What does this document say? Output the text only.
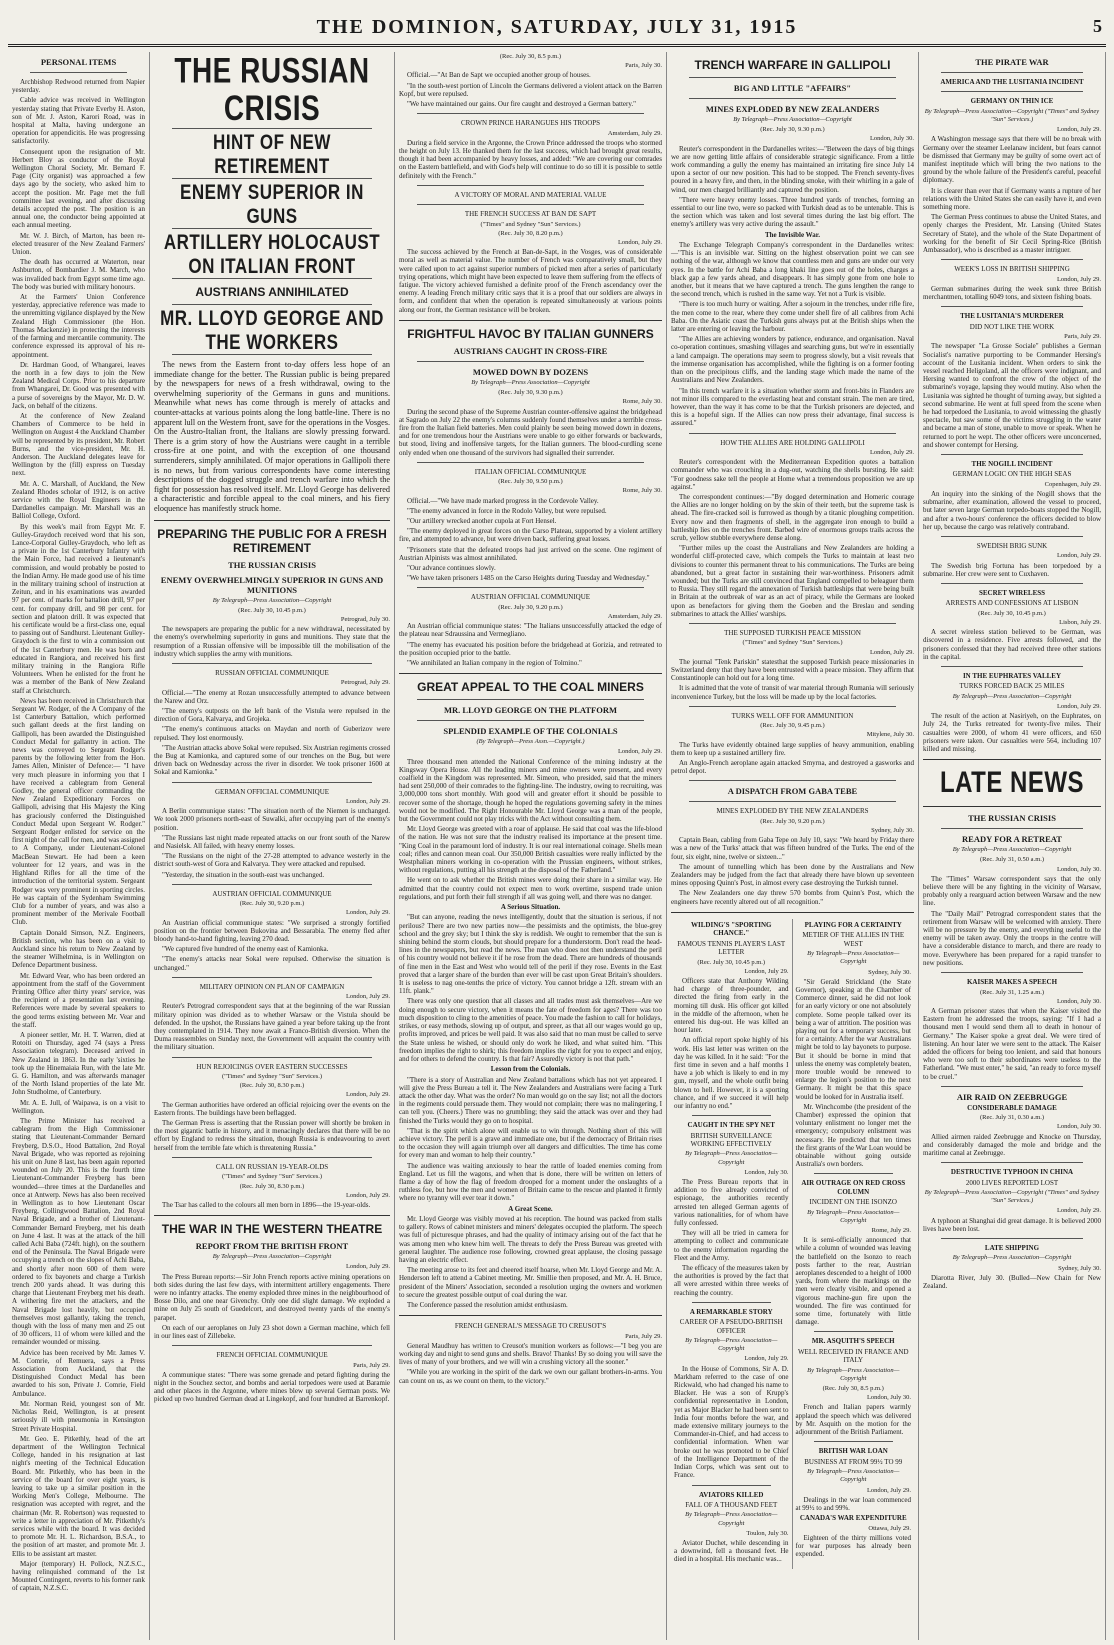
THE DOMINION, SATURDAY, JULY 31, 1915	5
PERSONAL ITEMS

Archbishop Redwood returned from Napier yesterday.

Cable advice was received in Wellington yesterday stating that Private Everby H. Aston, son of Mr. J. Aston, Karori Road, was in hospital at Malta, having undergone an operation for appendicitis. He was progressing satisfactorily.

Consequent upon the resignation of Mr. Herbert Bloy as conductor of the Royal Wellington Choral Society, Mr. Bernard F. Page (City organist) was approached a few days ago by the society, who asked him to accept the position. Mr. Page met the full committee last evening, and after discussing details accepted the post. The position is an annual one, the conductor being appointed at each annual meeting.

Mr. W. J. Birch, of Marton, has been re-elected treasurer of the New Zealand Farmers' Union.

The death has occurred at Waterton, near Ashburton, of Bombardier J. M. March, who was invalided back from Egypt some time ago. The body was buried with military honours.

At the Farmers' Union Conference yesterday, appreciative reference was made to the unremitting vigilance displayed by the New Zealand High Commissioner (the Hon. Thomas Mackenzie) in protecting the interests of the farming and mercantile community. The conference expressed its approval of his re-appointment.

Dr. Hardman Good, of Whangarei, leaves the north in a few days to join the New Zealand Medical Corps. Prior to his departure from Whangarei, Dr. Good was presented with a purse of sovereigns by the Mayor, Mr. D. W. Jack, on behalf of the citizens.

At the conference of New Zealand Chambers of Commerce to be held in Wellington on August 4 the Auckland Chamber will be represented by its president, Mr. Robert Burns, and the vice-president, Mr. H. Anderson. The Auckland delegates leave for Wellington by the (fill) express on Tuesday next.

Mr. A. C. Marshall, of Auckland, the New Zealand Rhodes scholar of 1912, is on active service with the Royal Engineers in the Dardanelles campaign. Mr. Marshall was an Balliol College, Oxford.

By this week's mail from Egypt Mr. F. Gulley-Graydoch received word that his son, Lance-Corporal Gulley-Graydoch, who left as a private in the 1st Canterbury Infantry with the Main Force, had received a lieutenant's commission, and would probably be posted to the Indian Army. He made good use of his time in the military training school of instruction at Zeitun, and in his examinations was awarded 97 per cent. of marks for battalion drill, 97 per cent. for company drill, and 98 per cent. for section and platoon drill. It was expected that his certificate would be a first-class one, equal to passing out of Sandhurst. Lieutenant Gulley-Graydoch is the first to win a commission out of the 1st Canterbury men. He was born and educated in Rangiora, and received his first military training in the Rangiora Rifle Volunteers. When he enlisted for the front he was a member of the Bank of New Zealand staff at Christchurch.

News has been received in Christchurch that Sergeant W. Rodger, of the A Company of the 1st Canterbury Battalion, which performed such gallant deeds at the first landing on Gallipoli, has been awarded the Distinguished Conduct Medal for gallantry in action. The news was conveyed to Sergeant Rodger's parents by the following letter from the Hon. James Allen, Minister of Defence:— "I have very much pleasure in informing you that I have received a cablegram from General Godley, the general officer commanding the New Zealand Expeditionary Forces on Gallipoli, advising that His Majesty the King has graciously conferred the Distinguished Conduct Medal upon Sergeant W. Rodger." Sergeant Rodger enlisted for service on the first night of the call for men, and was assigned to A Company, under Lieutenant-Colonel MacBean Stewart. He had been a keen volunteer for 12 years, and was in the Highland Rifles for all the time of the introduction of the territorial system. Sergeant Rodger was very prominent in sporting circles. He was captain of the Sydenham Swimming Club for a number of years, and was also a prominent member of the Merivale Football Club.

Captain Donald Simson, N.Z. Engineers, British section, who has been on a visit to Auckland since his return to New Zealand by the steamer Wilhelmina, is in Wellington on Defence Department business.

Mr. Edward Vear, who has been ordered an appointment from the staff of the Government Printing Office after thirty years' service, was the recipient of a presentation last evening. References were made by several speakers to the good terms existing between Mr. Vear and the staff.

A pioneer settler, Mr. H. T. Warren, died at Rotoiti on Thursday, aged 74 (says a Press Association telegram). Deceased arrived in New Zealand in 1863. In the early 'sixties he took up the Hinemaiaia Run, with the late Mr. G. G. Hamilton, and was afterwards manager of the North Island properties of the late Mr. John Studholme, of Canterbury.

Mr. A. E. Jull, of Waipawa, is on a visit to Wellington.

The Prime Minister has received a cablegram from the High Commissioner stating that Lieutenant-Commander Bernard Freyberg, D.S.O., Hood Battalion, 2nd Royal Naval Brigade, who was reported as rejoining his unit on June 8 last, has been again reported wounded on July 20. This is the fourth time Lieutenant-Commander Freyberg has been wounded—three times at the Dardanelles and once at Antwerp. News has also been received in Wellington as to how Lieutenant Oscar Freyberg, Collingwood Battalion, 2nd Royal Naval Brigade, and a brother of Lieutenant-Commander Bernard Freyberg, met his death on June 4 last. It was at the attack of the hill called Achi Baba (724ft. high), on the southern end of the Peninsula. The Naval Brigade were occupying a trench on the slopes of Achi Baba, and shortly after noon 600 of them were ordered to fix bayonets and charge a Turkish trench 200 yards ahead. It was during this charge that Lieutenant Freyberg met his death. A withering fire met the attackers, and the Naval Brigade lost heavily, but occupied themselves most gallantly, taking the trench, though with the loss of many men and 25 out of 30 officers, 11 of whom were killed and the remainder wounded or missing.

Advice has been received by Mr. James V. M. Comrie, of Remuera, says a Press Association from Auckland, that the Distinguished Conduct Medal has been awarded to his son, Private J. Comrie, Field Ambulance.

Mr. Norman Reid, youngest son of Mr. Nicholas Reid, Wellington, is at present seriously ill with pneumonia in Kensington Street Private Hospital.

Mr. Geo. E. Pitkethly, head of the art department of the Wellington Technical College, handed in his resignation at last night's meeting of the Technical Education Board. Mr. Pitkethly, who has been in the service of the board for over eight years, is leaving to take up a similar position in the Working Men's College, Melbourne. The resignation was accepted with regret, and the chairman (Mr. R. Robertson) was requested to write a letter in appreciation of Mr. Pitkethly's services while with the board. It was decided to promote Mr. H. L. Richardson, B.S.A., to the position of art master, and promote Mr. J. Ellis to be assistant art master.

Major (temporary) H. Pollock, N.Z.S.C., having relinquished command of the 1st Mounted Contingent, reverts to his former rank of captain, N.Z.S.C.

THE RUSSIAN CRISIS
HINT OF NEW RETIREMENT
ENEMY SUPERIOR IN GUNS
ARTILLERY HOLOCAUST ON ITALIAN FRONT
AUSTRIANS ANNIHILATED
MR. LLOYD GEORGE AND THE WORKERS

The news from the Eastern front to-day offers less hope of an immediate change for the better. The Russian public is being prepared by the newspapers for news of a fresh withdrawal, owing to the overwhelming superiority of the Germans in guns and munitions. Meanwhile what news has come through is merely of attacks and counter-attacks at various points along the long battle-line. There is no apparent lull on the Western front, save for the operations in the Vosges. On the Austro-Italian front, the Italians are slowly pressing forward. There is a grim story of how the Austrians were caught in a terrible cross-fire at one point, and with the exception of one thousand surrenderers, simply annihilated. Of major operations in Gallipoli there is no news, but from various correspondents have come interesting descriptions of the dogged struggle and trench warfare into which the fight for possession has resolved itself. Mr. Lloyd George has delivered a characteristic and forcible appeal to the coal miners, and his fiery eloquence has manifestly struck home.

PREPARING THE PUBLIC FOR A FRESH RETIREMENT
THE RUSSIAN CRISIS
ENEMY OVERWHELMINGLY SUPERIOR IN GUNS AND MUNITIONS
By Telegraph—Press Association—Copyright
(Rec. July 30, 10.45 p.m.)
Petrograd, July 30.

The newspapers are preparing the public for a new withdrawal, necessitated by the enemy's overwhelming superiority in guns and munitions. They state that the resumption of a Russian offensive will be impossible till the mobilisation of the industry which supplies the army with munitions.

RUSSIAN OFFICIAL COMMUNIQUE
Petrograd, July 29.

Official.—"The enemy at Rozan unsuccessfully attempted to advance between the Narew and Orz.

"The enemy's outposts on the left bank of the Vistula were repulsed in the direction of Gora, Kalvarya, and Grojeka.

"The enemy's continuous attacks on Maydan and north of Guberizov were repulsed. They lost enormously.

"The Austrian attacks above Sokal were repulsed. Six Austrian regiments crossed the Bug at Kamionka, and captured some of our trenches on the Bug, but were driven back on Wednesday across the river in disorder. We took prisoner 1600 at Sokal and Kamionka."

GERMAN OFFICIAL COMMUNIQUE
London, July 29.

A Berlin communique states: "The situation north of the Niemen is unchanged. We took 2000 prisoners north-east of Suwalki, after occupying part of the enemy's position.

"The Russians last night made repeated attacks on our front south of the Narew and Nasielsk. All failed, with heavy enemy losses.

"The Russians on the night of the 27-28 attempted to advance westerly in the district south-west of Gora and Kalvarya. They were attacked and repulsed.

"Yesterday, the situation in the south-east was unchanged.

AUSTRIAN OFFICIAL COMMUNIQUE
(Rec. July 30, 9.20 p.m.)
London, July 29.

An Austrian official communique states: "We surprised a strongly fortified position on the frontier between Bukovina and Bessarabia. The enemy fled after bloody hand-to-hand fighting, leaving 270 dead.

"We captured five hundred of the enemy east of Kamionka.

"The enemy's attacks near Sokal were repulsed. Otherwise the situation is unchanged."

MILITARY OPINION ON PLAN OF CAMPAIGN
London, July 29.

Reuter's Petrograd correspondent says that at the beginning of the war Russian military opinion was divided as to whether Warsaw or the Vistula should be defended. In the upshot, the Russians have gained a year before taking up the front they contemplated in 1914. They now await a Franco-British diversion. When the Duma reassembles on Sunday next, the Government will acquaint the country with the military situation.

HUN REJOICINGS OVER EASTERN SUCCESSES
("Times" and Sydney "Sun" Services.)
(Rec. July 30, 8.30 p.m.)
London, July 29.

The German authorities have ordered an official rejoicing over the events on the Eastern fronts. The buildings have been beflagged.

The German Press is asserting that the Russian power will shortly be broken in the most gigantic battle in history, and it menacingly declares that there will be no effort by England to redress the situation, though Russia is endeavouring to avert herself from the terrible fate which is threatening Russia."

CALL ON RUSSIAN 19-YEAR-OLDS
("Times" and Sydney "Sun" Services.)
(Rec. July 30, 8.30 p.m.)
London, July 29.

The Tsar has called to the colours all men born in 1896—the 19-year-olds.

THE WAR IN THE WESTERN THEATRE
REPORT FROM THE BRITISH FRONT
By Telegraph—Press Association—Copyright
London, July 29.

The Press Bureau reports:—Sir John French reports active mining operations on both sides during the last few days, with intermittent artillery engagements. There were no infantry attacks. The enemy exploded three mines in the neighbourhood of Bosse Dilo, and one near Givenchy. Only one did slight damage. We exploded a mine on July 25 south of Guedelcort, and destroyed twenty yards of the enemy's parapet.

On each of our aeroplanes on July 23 shot down a German machine, which fell in our lines east of Zillebeke.

FRENCH OFFICIAL COMMUNIQUE
Paris, July 29.

A communique states: "There was some grenade and petard fighting during the night in the Souchez sector, and bombs and aerial torpedoes were used at Baramie and other places in the Argonne, where mines blew up several German posts. We picked up two hundred German dead at Lingekopf, and four hundred at Barrenkopf.

(Rec. July 30, 8.5 p.m.)
Paris, July 30.

Official.—"At Ban de Sapt we occupied another group of houses.

"In the south-west portion of Lincoln the Germans delivered a violent attack on the Barren Kopf, but were repulsed.

"We have maintained our gains. Our fire caught and destroyed a German battery."

CROWN PRINCE HARANGUES HIS TROOPS
Amsterdam, July 29.

During a field service in the Argonne, the Crown Prince addressed the troops who stormed the height on July 13. He thanked them for the last success, which had brought great results, though it had been accompanied by heavy losses, and added: "We are covering our comrades on the Eastern battlefield, and with God's help will continue to do so till it is possible to settle definitely with the French."

A VICTORY OF MORAL AND MATERIAL VALUE
THE FRENCH SUCCESS AT BAN DE SAPT
("Times" and Sydney "Sun" Services.)
(Rec. July 30, 8.20 p.m.)
London, July 29.

The success achieved by the French at Ban-de-Sapt, in the Vosges, was of considerable moral as well as material value. The number of French was comparatively small, but they were called upon to act against superior numbers of picked men after a series of particularly trying operations, which might have been expected to leave them suffering from the effects of fatigue. The victory achieved furnished a definite proof of the French ascendancy over the enemy. A leading French military critic says that it is a proof that our soldiers are always in form, and confident that when the operation is repeated simultaneously at various points along our front, the German resistance will be broken.

FRIGHTFUL HAVOC BY ITALIAN GUNNERS
AUSTRIANS CAUGHT IN CROSS-FIRE
MOWED DOWN BY DOZENS
By Telegraph—Press Association—Copyright
(Rec. July 30, 9.30 p.m.)
Rome, July 30.

During the second phase of the Supreme Austrian counter-offensive against the bridgehead at Sagrado on July 22 the enemy's columns suddenly found themselves under a terrible cross-fire from the Italian field batteries. Men could plainly be seen being mowed down in dozens, and for one tremendous hour the Austrians were unable to go either forwards or backwards, but stood, living and inoffensive targets, for the Italian gunners. The blood-curdling scene only ended when one thousand of the survivors had signalled their surrender.

ITALIAN OFFICIAL COMMUNIQUE
(Rec. July 30, 9.50 p.m.)
Rome, July 30.

Official.—"We have made marked progress in the Cordevole Valley.

"The enemy advanced in force in the Rodolo Valley, but were repulsed.

"Our artillery wrecked another cupola at Fort Hensel.

"The enemy deployed in great forces on the Carso Plateau, supported by a violent artillery fire, and attempted to advance, but were driven back, suffering great losses.

"Prisoners state that the defeated troops had just arrived on the scene. One regiment of Austrian Alpinists was almost annihilated.

"Our advance continues slowly.

"We have taken prisoners 1485 on the Carso Heights during Tuesday and Wednesday."

AUSTRIAN OFFICIAL COMMUNIQUE
(Rec. July 30, 9.20 p.m.)
Amsterdam, July 29.

An Austrian official communique states: "The Italians unsuccessfully attacked the edge of the plateau near Sdraussina and Vermegliano.

"The enemy has evacuated his position before the bridgehead at Gorizia, and retreated to the position occupied prior to the battle.

"We annihilated an Italian company in the region of Tolmino."

GREAT APPEAL TO THE COAL MINERS
MR. LLOYD GEORGE ON THE PLATFORM
SPLENDID EXAMPLE OF THE COLONIALS
(By Telegraph—Press Assn.—Copyright.)
London, July 29.

Three thousand men attended the National Conference of the mining industry at the Kingsway Opera House. All the leading miners and mine owners were present, and every coalfield in the Kingdom was represented. Mr. Simeon, who presided, said that the miners had sent 250,000 of their comrades to the fighting-line. The industry, owing to recruiting, was 3,000,000 tons short monthly. With good will and greater effort it should be possible to recover some of the shortage, though he hoped the regulations governing safety in the mines would not be modified. The Right Honourable Mr. Lloyd George was a man of the people, but the Government could not play tricks with the Act without consulting them.

Mr. Lloyd George was greeted with a roar of applause. He said that coal was the life-blood of the nation. He was not sure that the industry realised its importance at the present time. "King Coal in the paramount lord of industry. It is our real international coinage. Shells mean coal; rifles and cannon mean coal. Our 350,000 British casualties were really inflicted by the Westphalian miners working in co-operation with the Prussian engineers, without strikes, without regulations, putting all his strength at the disposal of the Fatherland."

He went on to ask whether the British mines were doing their share in a similar way. He admitted that the country could not expect men to work overtime, suspend trade union regulations, and put forth their full strength if all was going well, and there was no danger.

A Serious Situation.

"But can anyone, reading the news intelligently, doubt that the situation is serious, if not perilous? There are two new parties now—the pessimists and the optimists, the blue-grey school and the grey sky; but I think the sky is reddish. We ought to remember that the sun is shining behind the storm clouds, but should prepare for a thunderstorm. Don't read the head-lines in the newspapers, but read the news. The man who does not then understand the peril of his country would not believe it if he rose from the dead. There are hundreds of thousands of fine men in the East and West who would tell of the peril if they rose. Events in the East proved that a larger share of the burden than ever will be cast upon Great Britain's shoulders. It is useless to nag one-tenths the price of victory. You cannot bridge a 12ft. stream with an 11ft. plank."

There was only one question that all classes and all trades must ask themselves—Are we doing enough to secure victory, when it means the fate of freedom for ages? There was too much disposition to cling to the amenities of peace. You made the fashion to call for holidays, strikes, or easy methods, slowing up of output, and spreer, as that all our wages would go up, profits improved, and prices be well paid. It was also said that no man must be called to serve the State unless he wished, or should only do work he liked, and what suited him. "This freedom implies the right to shirk; this freedom implies the right for you to expect and enjoy, and for others to defend the country. Is that fair? Assuredly victory is not that path."

Lesson from the Colonials.

"There is a story of Australian and New Zealand battalions which has not yet appeared. I will give the Press Bureau a tell it. The New Zealanders and Australians were facing a Turk attack the other day. What was the order? No man would go on the say list; not all the doctors in the regiments could persuade them. They would not complain; there was no malingering, I can tell you. (Cheers.) There was no grumbling; they said the attack was over and they had finished the Turks would they go on to hospital.

"That is the spirit which alone will enable us to win through. Nothing short of this will achieve victory. The peril is a grave and immediate one, but if the democracy of Britain rises to the occasion they will again triumph over all dangers and difficulties. The time has come for every man and woman to help their country."

The audience was waiting anxiously to hear the rattle of loaded enemies coming from England. Let us fill the wagons, and when that is done, there will be written on letters of flame a day of how the flag of freedom drooped for a moment under the onslaughts of a ruthless foe, but how the men and women of Britain came to the rescue and planted it firmly where no tyranny will ever tear it down."

A Great Scene.

Mr. Lloyd George was visibly moved at his reception. The hound was packed from stalls to gallery. Rows of cabinet ministers and miners' delegates occupied the platform. The speech was full of picturesque phrases, and had the quality of intimacy arising out of the fact that he was among men who knew him well. The threats to defy the Press Bureau was greeted with general laughter. The audience rose following, crowned great applause, the closing passage having an electric effect.

The meeting arose to its feet and cheered itself hoarse, when Mr. Lloyd George and Mr. A. Henderson left to attend a Cabinet meeting. Mr. Smillie then proposed, and Mr. A. H. Bruce, president of the Miners' Association, seconded a resolution urging the owners and workmen to secure the greatest possible output of coal during the war.

The Conference passed the resolution amidst enthusiasm.

FRENCH GENERAL'S MESSAGE TO CREUSOT'S
Paris, July 29.

General Maudhuy has written to Creusot's munition workers as follows:—"I beg you are working day and night to send guns and shells. Bravo! Thanks! By so doing you will save the lives of many of your brothers, and we will win a crushing victory all the sooner."

"While you are working in the spirit of the dark we own our gallant brothers-in-arms. You can count on us, as we count on them, to the victory."

TRENCH WARFARE IN GALLIPOLI
BIG AND LITTLE "AFFAIRS"
MINES EXPLODED BY NEW ZEALANDERS
By Telegraph—Press Association—Copyright
(Rec. July 30, 9.30 p.m.)
London, July 30.

Reuter's correspondent in the Dardanelles writes:—"Between the days of big things we are now getting little affairs of considerable strategic significance. From a little work commanding a gully the enemy has maintained an irritating fire since July 14 upon a sector of our new position. This had to be stopped. The French seventy-fives poured in a heavy fire, and then, in the blinding smoke, with their whirling in a gale of wind, our men charged brilliantly and captured the position.

"There were heavy enemy losses. Three hundred yards of trenches, forming an essential to our line two, were so packed with Turkish dead as to be untenable. This is the section which was taken and lost several times during the last big effort. The enemy's artillery was very active during the assault."

The Invisible War.

The Exchange Telegraph Company's correspondent in the Dardanelles writes:—"This is an invisible war. Sitting on the highest observation point we can see nothing of the war, although we know that countless men and guns are under our very eyes. In the battle for Achi Baba a long khaki line goes out of the holes, charges a black gap a few yards ahead, and disappears. It has simply gone from one hole to another, but it means that we have captured a trench. The guns lengthen the range to the second trench, which is rushed in the same way. Yet not a Turk is visible.

"There is too much hurry or waiting. After a sojourn in the trenches, under rifle fire, the men come to the rear, where they come under shell fire of all calibres from Achi Baba. On the Asiatic coast the Turkish guns always put at the British ships when the latter are entering or leaving the harbour.

"The Allies are achieving wonders by patience, endurance, and organisation. Naval co-operation continues, smashing villages and searching guns, but we're in essentially a land campaign. The operations may seem to progress slowly, but a visit reveals that the immense organisation has accomplished, while the fighting is on a former footing than on the precipitous cliffs, and the landing stage which made the name of the Australians and New Zealanders.

"In this trench warfare it is a situation whether storm and front-bits in Flanders are not minor ills compared to the everlasting heat and constant strain. The men are tired, however, than the way it has come to be that the Turkish prisoners are dejected, and this is a hopeful sign. If the Allies can now press their advantage, final success is assured."

HOW THE ALLIES ARE HOLDING GALLIPOLI
London, July 29.

Reuter's correspondent with the Mediterranean Expedition quotes a battalion commander who was crouching in a dug-out, watching the shells bursting. He said: "For goodness sake tell the people at Home what a tremendous proposition we are up against."

The correspondent continues:—"By dogged determination and Homeric courage the Allies are no longer holding on by the skin of their teeth, but the supreme task is ahead. The fire-cracked soil is furrowed as though by a titanic ploughing competition. Every now and then fragments of shell, in the aggregate iron enough to build a battleship lies on the trenches front. Barbed wire of enormous groups trails across the scrub, yellow stubble everywhere dense along.

"Further miles up the coast the Australians and New Zealanders are holding a wonderful cliff-protected cave, which compels the Turks to maintain at least two divisions to counter this permanent threat to his communications. The Turks are being abandoned, but a great factor in sustaining their war-worthiness. Prisoners admit wounded; but the Turks are still convinced that England compelled to beleaguer them to Russia. They still regard the annexation of Turkish battleships that were being built in Britain at the outbreak of war as an act of piracy, while the Germans are looked upon as benefactors for giving them the Goeben and the Breslau and sending submarines to attack the Allies' warships.

THE SUPPOSED TURKISH PEACE MISSION
("Times" and Sydney "Sun" Services.)
London, July 29.

The journal "Tenk Pariskin" statesthat the supposed Turkish peace missionaries in Switzerland deny that they have been entrusted with a peace mission. They affirm that Constantinople can hold out for a long time.

It is admitted that the vote of transit of war material through Rumania will seriously inconvenience Turkey, but the loss will be made up by the local factories.

TURKS WELL OFF FOR AMMUNITION
(Rec. July 30, 9.45 p.m.)
Mitylene, July 30.

The Turks have evidently obtained large supplies of heavy ammunition, enabling them to keep up a sustained artillery fire.

An Anglo-French aeroplane again attacked Smyrna, and destroyed a gasworks and petrol depot.

A DISPATCH FROM GABA TEBE
MINES EXPLODED BY THE NEW ZEALANDERS
(Rec. July 30, 9.20 p.m.)
Sydney, July 30.

Captain Bean, cabling from Gaba Tepe on July 10, says: "We heard by Friday there was a new of the Turks' attack that was fifteen hundred of the Turks. The end of the four, six eight, nine, twelve or sixteen..."

The amount of tunnelling which has been done by the Australians and New Zealanders may be judged from the fact that already there have blown up seventeen mines opposing Quinn's Post, in almost every case destroying the Turkish tunnel.

The New Zealanders one day threw 570 bombs from Quinn's Post, which the engineers have recently altered out of all recognition."

WILDING'S "SPORTING CHANCE."
FAMOUS TENNIS PLAYER'S LAST LETTER
(Rec. July 30, 10.45 p.m.)
London, July 29.

Officers state that Anthony Wilding had charge of three-pounder, and directed the firing from early in the morning till dusk. His officer got killed in the middle of the afternoon, when he entered his dug-out. He was killed an hour later.

An official report spoke highly of his work. His last letter was written on the day he was killed. In it he said: "For the first time in seven and a half months I have a job which is likely to end in my gun, myself, and the whole outfit being blown to hell. However, it is a sporting chance, and if we succeed it will help our infantry no end."

CAUGHT IN THE SPY NET
BRITISH SURVEILLANCE WORKING EFFECTIVELY
By Telegraph—Press Association—Copyright
London, July 30.

The Press Bureau reports that in addition to five already convicted of espionage, the authorities recently arrested ten alleged German agents of various nationalities, for of whom have fully confessed.

They will all be tried in camera for attempting to collect and communicate to the enemy information regarding the Fleet and the Army.

The efficacy of the measures taken by the authorities is proved by the fact that all were arrested within three weeks of reaching the country.

A REMARKABLE STORY
CAREER OF A PSEUDO-BRITISH OFFICER
By Telegraph—Press Association—Copyright
London, July 29.

In the House of Commons, Sir A. D. Markham referred to the case of one Rickwald, who had changed his name to Blacker. He was a son of Krupp's confidential representative in London, yet as Major Blacker he had been sent to India four months before the war, and made extensive military journeys to the Commander-in-Chief, and had access to confidential information. When war broke out he was promoted to be Chief of the Intelligence Department of the Indian Corps, which was sent out to France.

AVIATORS KILLED
FALL OF A THOUSAND FEET
By Telegraph—Press Association—Copyright
Toulon, July 30.

Aviator Duchet, while descending in a downwind, fell a thousand feet. He died in a hospital. His mechanic was...

PLAYING FOR A CERTAINTY
METIER OF THE ALLIES IN THE WEST
By Telegraph—Press Association—Copyright
Sydney, July 30.

"Sir Gerald Strickland (the State Governor), speaking at the Chamber of Commerce dinner, said he did not look for an early victory or one not absolutely complete. Some people talked over its being a war of attrition. The position was playing out for a temporary success, but for a certainty. After the war Australians might be told to lay bayonets to purpose. But it should be borne in mind that unless the enemy was completely beaten, more trouble would be renewed to enlarge the legion's position to the next Germany. It might be that this space would be looked for in Australia itself.

Mr. Winchcombe (the president of the Chamber) expressed the opinion that voluntary enlistment no longer met the emergency; compulsory enlistment was necessary. He predicted that ten times the first grants of the War Loan would be obtainable without going outside Australia's own borders.

AIR OUTRAGE ON RED CROSS COLUMN
INCIDENT ON THE ISONZO
By Telegraph—Press Association—Copyright
Rome, July 29.

It is semi-officially announced that while a column of wounded was leaving the battlefield on the Isonzo to reach posts farther to the rear, Austrian aeroplanes descended to a height of 1000 yards, from where the markings on the men were clearly visible, and opened a vigorous machine-gun fire upon the wounded. The fire was continued for some time, fortunately with little damage.

MR. ASQUITH'S SPEECH
WELL RECEIVED IN FRANCE AND ITALY
By Telegraph—Press Association—Copyright
(Rec. July 30, 8.5 p.m.)
London, July 30.

French and Italian papers warmly applaud the speech which was delivered by Mr. Asquith on the motion for the adjournment of the British Parliament.

BRITISH WAR LOAN
BUSINESS AT FROM 99½ TO 99
By Telegraph—Press Association—Copyright
London, July 29.

Dealings in the war loan commenced at 99½ to and 99%.

CANADA'S WAR EXPENDITURE
Ottawa, July 29.

Eighteen of the thirty millions voted for war purposes has already been expended.

THE PIRATE WAR
AMERICA AND THE LUSITANIA INCIDENT
GERMANY ON THIN ICE
By Telegraph—Press Association—Copyright ("Times" and Sydney "Sun" Services.)
London, July 29.

A Washington message says that there will be no break with Germany over the steamer Leelanaw incident, but fears cannot be dismissed that Germany may be guilty of some overt act of manifest ineptitude which will bring the two nations to the ground by the whole failure of the President's careful, peaceful diplomacy.

It is clearer than ever that if Germany wants a rupture of her relations with the United States she can easily have it, and even something more.

The German Press continues to abuse the United States, and openly charges the President, Mr. Lansing (United States Secretary of State), and the whole of the State Department of working for the benefit of Sir Cecil Spring-Rice (British Ambassador), who is described as a master intriguer.

WEEK'S LOSS IN BRITISH SHIPPING
London, July 29.

German submarines during the week sunk three British merchantmen, totalling 6049 tons, and sixteen fishing boats.

THE LUSITANIA'S MURDERER
DID NOT LIKE THE WORK
Paris, July 29.

The newspaper "La Grosse Sociale" publishes a German Socialist's narrative purporting to be Commander Hersing's account of the Lusitania incident. When orders to sink the vessel reached Heligoland, all the officers were indignant, and Hersing wanted to confront the crew of the object of the submarine's voyage, lapsing they would mutiny. Also when the Lusitania was sighted he thought of turning away, but sighted a second submarine. He went at full speed from the scene when he had torpedoed the Lusitania, to avoid witnessing the ghastly spectacle, but saw some of the victims struggling in the water and became a man of stone, unable to move or speak. When he returned to port he wept. The other officers were unconcerned, and shower contempt for Hersing.

THE NOGILL INCIDENT
GERMAN LOGIC ON THE HIGH SEAS
Copenhagen, July 29.

An inquiry into the sinking of the Nogill shows that the submarine, after examination, allowed the vessel to proceed, but later seven large German torpedo-boats stopped the Nogill, and after a two-hours' conference the officers decided to blow her up, because the cargo was relatively contraband.

SWEDISH BRIG SUNK
London, July 29.

The Swedish brig Fortuna has been torpedoed by a submarine. Her crew were sent to Cuxhaven.

SECRET WIRELESS
ARRESTS AND CONFESSIONS AT LISBON
(Rec. July 30, 10.45 p.m.)
Lisbon, July 29.

A secret wireless station believed to be German, was discovered in a residence. Five arrests followed, and the prisoners confessed that they had received three other stations in the capital.

IN THE EUPHRATES VALLEY
TURKS FORCED BACK 25 MILES
By Telegraph—Press Association—Copyright
London, July 29.

The result of the action at Nasiriyeh, on the Euphrates, on July 24, the Turks retreated for twenty-five miles. Their casualties were 2000, of whom 41 were officers, and 650 prisoners were taken. Our casualties were 564, including 107 killed and missing.

LATE NEWS
THE RUSSIAN CRISIS
READY FOR A RETREAT
By Telegraph—Press Association—Copyright
(Rec. July 31, 0.50 a.m.)
London, July 30.

The "Times" Warsaw correspondent says that the only believe there will be any fighting in the vicinity of Warsaw, probably only a rearguard action between Warsaw and the new line.

The "Daily Mail" Petrograd correspondent states that the retirement from Warsaw will be welcomed with anxiety. There will be no pressure by the enemy, and everything useful to the enemy will be taken away. Only the troops in the centre will have a considerable distance to march, and there are ready to move. Everywhere has been prepared for a rapid transfer to new positions.

KAISER MAKES A SPEECH
(Rec. July 31, 1.25 a.m.)
London, July 30.

A German prisoner states that when the Kaiser visited the Eastern front he addressed the troops, saying: "If I had a thousand men I would send them all to death in honour of Germany." The Kaiser spoke a great deal. We were tired of listening. An hour later we were sent to the attack. The Kaiser added the officers for being too lenient, and said that honours who were too soft to their subordinates were useless to the Fatherland. "We must enter," he said, "an ready to force myself to be cruel."

AIR RAID ON ZEEBRUGGE
CONSIDERABLE DAMAGE
(Rec. July 31, 0.30 a.m.)
London, July 30.

Allied airmen raided Zeebrugge and Knocke on Thursday, and considerably damaged the mole and bridge and the maritime canal at Zeebrugge.

DESTRUCTIVE TYPHOON IN CHINA
2000 LIVES REPORTED LOST
By Telegraph—Press Association—Copyright ("Times" and Sydney "Sun" Services.)
London, July 29.

A typhoon at Shanghai did great damage. It is believed 2000 lives have been lost.

LATE SHIPPING
By Telegraph—Press Association—Copyright
Sydney, July 30.

Diarotta River, July 30. (Bulled—New Chain for New Zealand.
